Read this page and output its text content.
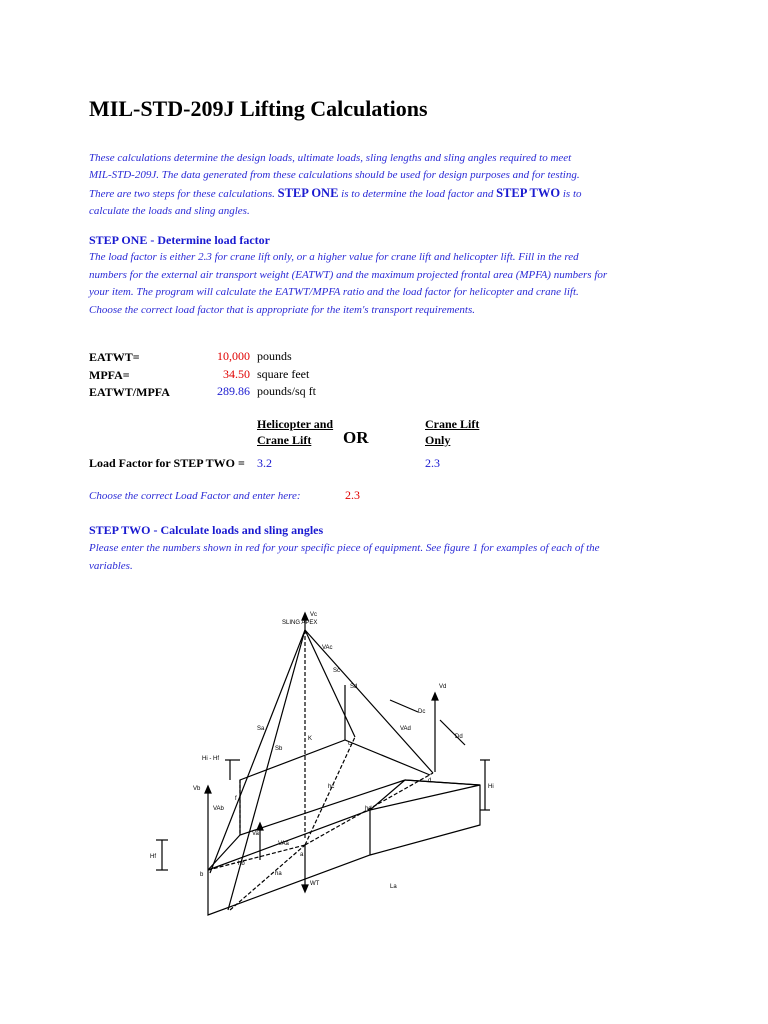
MIL-STD-209J Lifting Calculations
These calculations determine the design loads, ultimate loads, sling lengths and sling angles required to meet MIL-STD-209J. The data generated from these calculations should be used for design purposes and for testing. There are two steps for these calculations. STEP ONE is to determine the load factor and STEP TWO is to calculate the loads and sling angles.
STEP ONE - Determine load factor
The load factor is either 2.3 for crane lift only, or a higher value for crane lift and helicopter lift. Fill in the red numbers for the external air transport weight (EATWT) and the maximum projected frontal area (MPFA) numbers for your item. The program will calculate the EATWT/MPFA ratio and the load factor for helicopter and crane lift. Choose the correct load factor that is appropriate for the item's transport requirements.
EATWT=	10,000 pounds
MPFA=	34.50 square feet
EATWT/MPFA	289.86 pounds/sq ft
Helicopter and
Crane Lift	OR
Crane Lift
Only
Load Factor for STEP TWO = 3.2	2.3
Choose the correct Load Factor and enter here:	2.3
STEP TWO - Calculate loads and sling angles
Please enter the numbers shown in red for your specific piece of equipment. See figure 1 for examples of each of the variables.
SLING APEX
Vc
VAc
Sc
Sd	Vd
Dc
Dd
VAd
Sa
Sb
K
Hi - Hf
Vb
VAb
f
hc
hd
hb
ha
Va
VAa
WT
Hf
Hi
La
a
b
c
d
